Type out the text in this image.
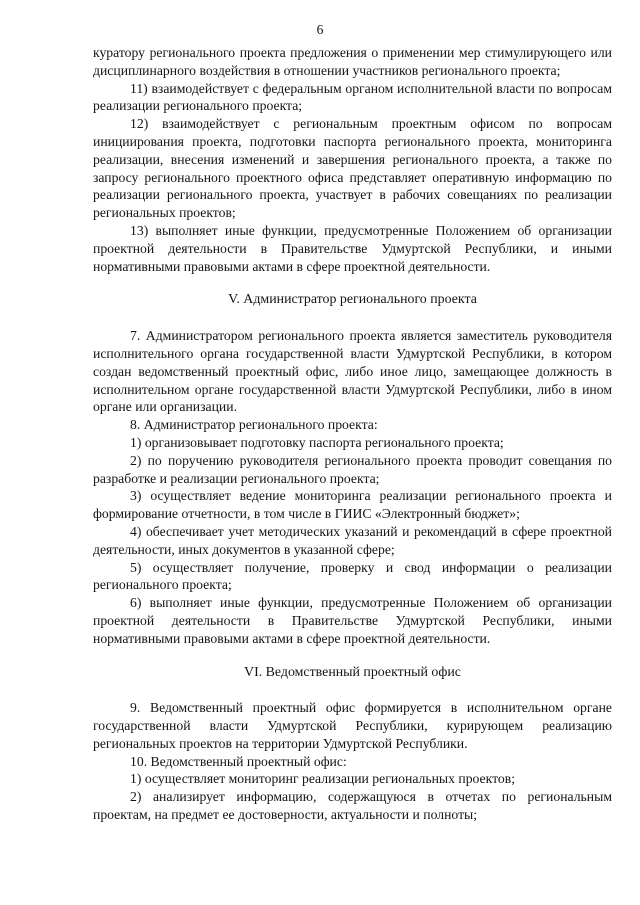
6

куратору регионального проекта предложения о применении мер стимулирующего или дисциплинарного воздействия в отношении участников регионального проекта;

11) взаимодействует с федеральным органом исполнительной власти по вопросам реализации регионального проекта;

12) взаимодействует с региональным проектным офисом по вопросам инициирования проекта, подготовки паспорта регионального проекта, мониторинга реализации, внесения изменений и завершения регионального проекта, а также по запросу регионального проектного офиса представляет оперативную информацию по реализации регионального проекта, участвует в рабочих совещаниях по реализации региональных проектов;

13) выполняет иные функции, предусмотренные Положением об организации проектной деятельности в Правительстве Удмуртской Республики, и иными нормативными правовыми актами в сфере проектной деятельности.

V. Администратор регионального проекта

7. Администратором регионального проекта является заместитель руководителя исполнительного органа государственной власти Удмуртской Республики, в котором создан ведомственный проектный офис, либо иное лицо, замещающее должность в исполнительном органе государственной власти Удмуртской Республики, либо в ином органе или организации.

8. Администратор регионального проекта:

1) организовывает подготовку паспорта регионального проекта;

2) по поручению руководителя регионального проекта проводит совещания по разработке и реализации регионального проекта;

3) осуществляет ведение мониторинга реализации регионального проекта и формирование отчетности, в том числе в ГИИС «Электронный бюджет»;

4) обеспечивает учет методических указаний и рекомендаций в сфере проектной деятельности, иных документов в указанной сфере;

5) осуществляет получение, проверку и свод информации о реализации регионального проекта;

6) выполняет иные функции, предусмотренные Положением об организации проектной деятельности в Правительстве Удмуртской Республики, иными нормативными правовыми актами в сфере проектной деятельности.

VI. Ведомственный проектный офис

9. Ведомственный проектный офис формируется в исполнительном органе государственной власти Удмуртской Республики, курирующем реализацию региональных проектов на территории Удмуртской Республики.

10. Ведомственный проектный офис:

1) осуществляет мониторинг реализации региональных проектов;

2) анализирует информацию, содержащуюся в отчетах по региональным проектам, на предмет ее достоверности, актуальности и полноты;
